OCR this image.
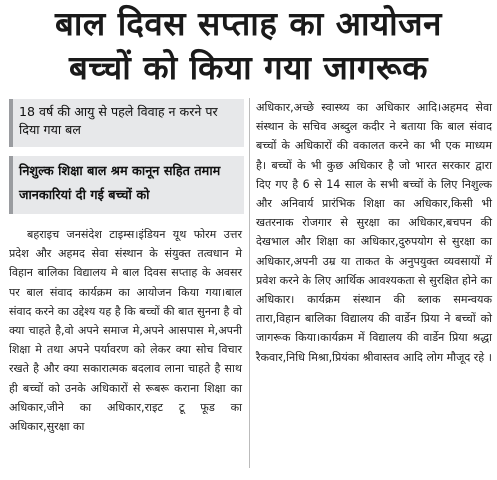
बाल दिवस सप्ताह का आयोजन
बच्चों को किया गया जागरूक
18 वर्ष की आयु से पहले विवाह न करने पर दिया गया बल
निशुल्क शिक्षा बाल श्रम कानून सहित तमाम जानकारियां दी गई बच्चों को

बहराइच जनसंदेश टाइम्स।इंडियन यूथ फोरम उत्तर प्रदेश और अहमद सेवा संस्थान के संयुक्त तत्वधान मे विहान बालिका विद्यालय मे बाल दिवस सप्ताह के अवसर पर बाल संवाद कार्यक्रम का आयोजन किया गया।बाल संवाद करने का उद्देश्य यह है कि बच्चों की बात सुनना है वो क्या चाहते है,वो अपने समाज मे,अपने आसपास मे,अपनी शिक्षा मे तथा अपने पर्यावरण को लेकर क्या सोच विचार रखते है और क्या सकारात्मक बदलाव लाना चाहते है साथ ही बच्चों को उनके अधिकारों से रूबरू कराना शिक्षा का अधिकार,जीने का अधिकार,राइट टू फूड का अधिकार,सुरक्षा का

अधिकार,अच्छे स्वास्थ्य का अधिकार आदि।अहमद सेवा संस्थान के सचिव अब्दुल कदीर ने बताया कि बाल संवाद बच्चों के अधिकारों की वकालत करने का भी एक माध्यम है। बच्चों के भी कुछ अधिकार है जो भारत सरकार द्वारा दिए गए है 6 से 14 साल के सभी बच्चों के लिए निशुल्क और अनिवार्य प्रारंभिक शिक्षा का अधिकार,किसी भी खतरनाक रोजगार से सुरक्षा का अधिकार,बचपन की देखभाल और शिक्षा का अधिकार,दुरुपयोग से सुरक्षा का अधिकार,अपनी उम्र या ताकत के अनुपयुक्त व्यवसायों में प्रवेश करने के लिए आर्थिक आवश्यकता से सुरक्षित होने का अधिकार। कार्यक्रम संस्थान की ब्लाक समन्वयक तारा,विहान बालिका विद्यालय की वार्डेन प्रिया ने बच्चों को जागरूक किया।कार्यक्रम में विद्यालय की वार्डेन प्रिया श्रद्धा रैकवार,निधि मिश्रा,प्रियंका श्रीवास्तव आदि लोग मौजूद रहे ।
